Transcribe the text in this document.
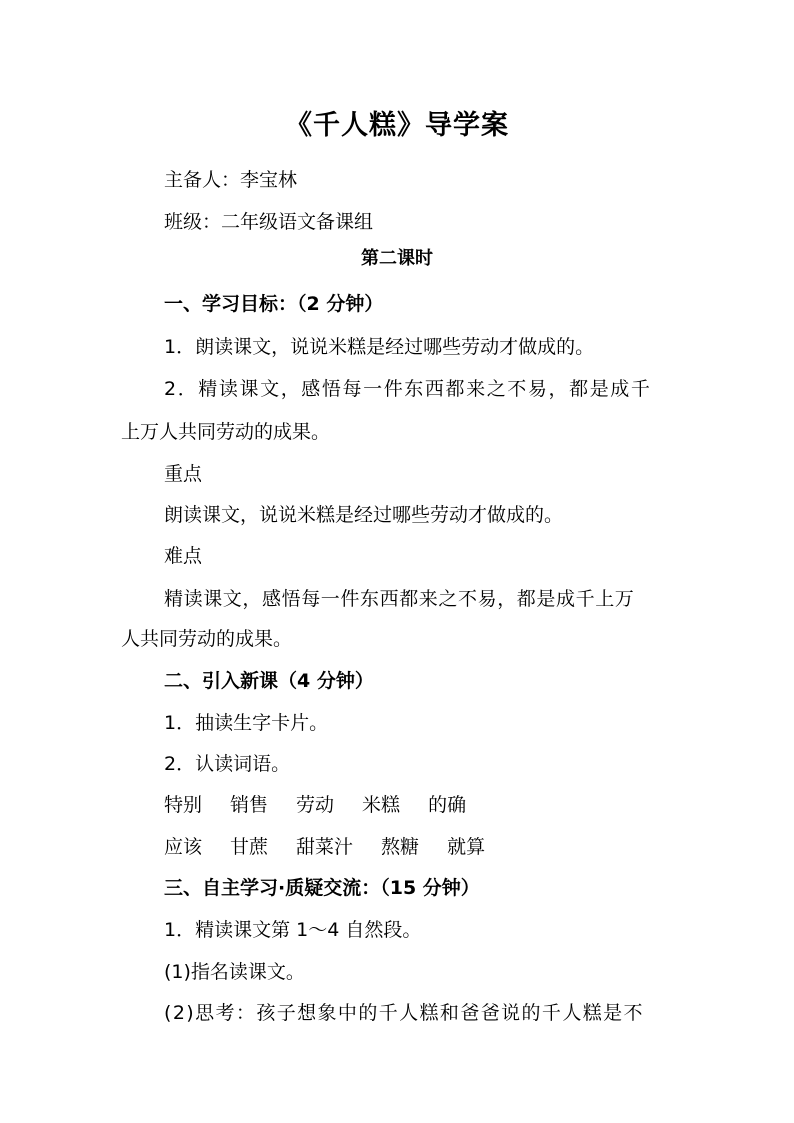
《千人糕》导学案
主备人：李宝林
班级：二年级语文备课组
第二课时
一、学习目标：（2 分钟）
1．朗读课文，说说米糕是经过哪些劳动才做成的。
2．精读课文，感悟每一件东西都来之不易，都是成千
上万人共同劳动的成果。
重点
朗读课文，说说米糕是经过哪些劳动才做成的。
难点
精读课文，感悟每一件东西都来之不易，都是成千上万
人共同劳动的成果。
二、引入新课（4 分钟）
1．抽读生字卡片。
2．认读词语。
特别 销售 劳动 米糕 的确
应该 甘蔗 甜菜汁 熬糖 就算
三、自主学习·质疑交流：（15 分钟）
1．精读课文第 1～4 自然段。
(1)指名读课文。
(2)思考：孩子想象中的千人糕和爸爸说的千人糕是不
